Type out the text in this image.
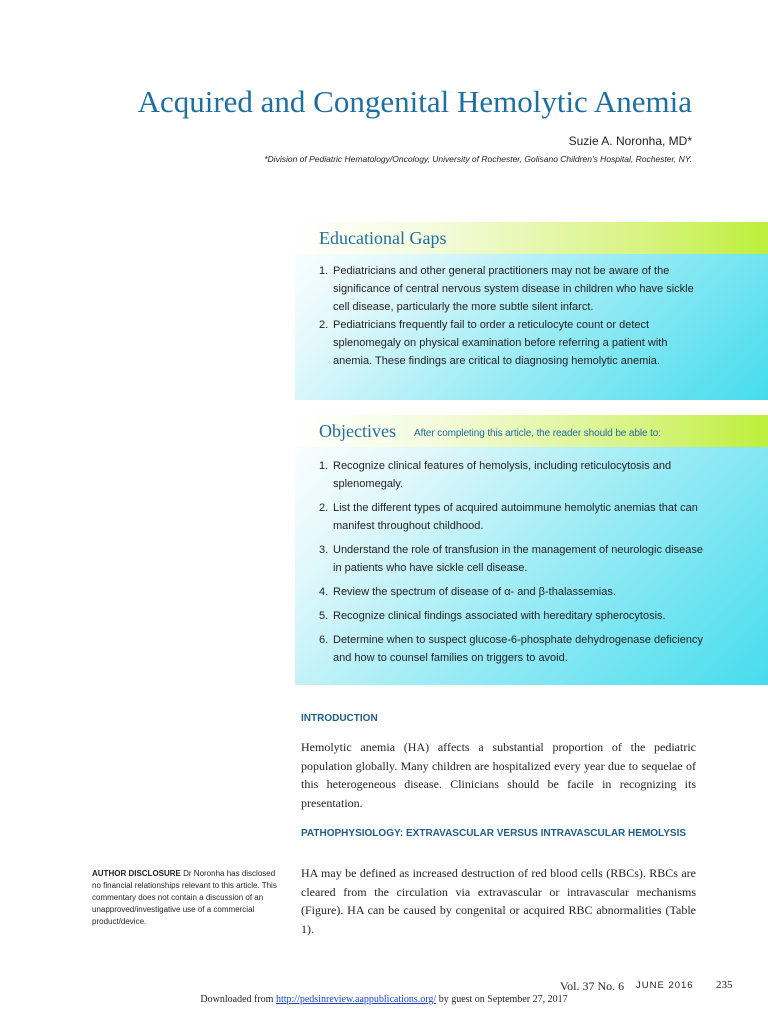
Acquired and Congenital Hemolytic Anemia
Suzie A. Noronha, MD*
*Division of Pediatric Hematology/Oncology, University of Rochester, Golisano Children's Hospital, Rochester, NY.
Educational Gaps
1. Pediatricians and other general practitioners may not be aware of the significance of central nervous system disease in children who have sickle cell disease, particularly the more subtle silent infarct.
2. Pediatricians frequently fail to order a reticulocyte count or detect splenomegaly on physical examination before referring a patient with anemia. These findings are critical to diagnosing hemolytic anemia.
Objectives After completing this article, the reader should be able to:
1. Recognize clinical features of hemolysis, including reticulocytosis and splenomegaly.
2. List the different types of acquired autoimmune hemolytic anemias that can manifest throughout childhood.
3. Understand the role of transfusion in the management of neurologic disease in patients who have sickle cell disease.
4. Review the spectrum of disease of α- and β-thalassemias.
5. Recognize clinical findings associated with hereditary spherocytosis.
6. Determine when to suspect glucose-6-phosphate dehydrogenase deficiency and how to counsel families on triggers to avoid.
INTRODUCTION

Hemolytic anemia (HA) affects a substantial proportion of the pediatric population globally. Many children are hospitalized every year due to sequelae of this heterogeneous disease. Clinicians should be facile in recognizing its presentation.

PATHOPHYSIOLOGY: EXTRAVASCULAR VERSUS INTRAVASCULAR HEMOLYSIS

HA may be defined as increased destruction of red blood cells (RBCs). RBCs are cleared from the circulation via extravascular or intravascular mechanisms (Figure). HA can be caused by congenital or acquired RBC abnormalities (Table 1).

AUTHOR DISCLOSURE Dr Noronha has disclosed no financial relationships relevant to this article. This commentary does not contain a discussion of an unapproved/investigative use of a commercial product/device.
Vol. 37 No. 6 JUNE 2016 235
Downloaded from http://pedsinreview.aappublications.org/ by guest on September 27, 2017
